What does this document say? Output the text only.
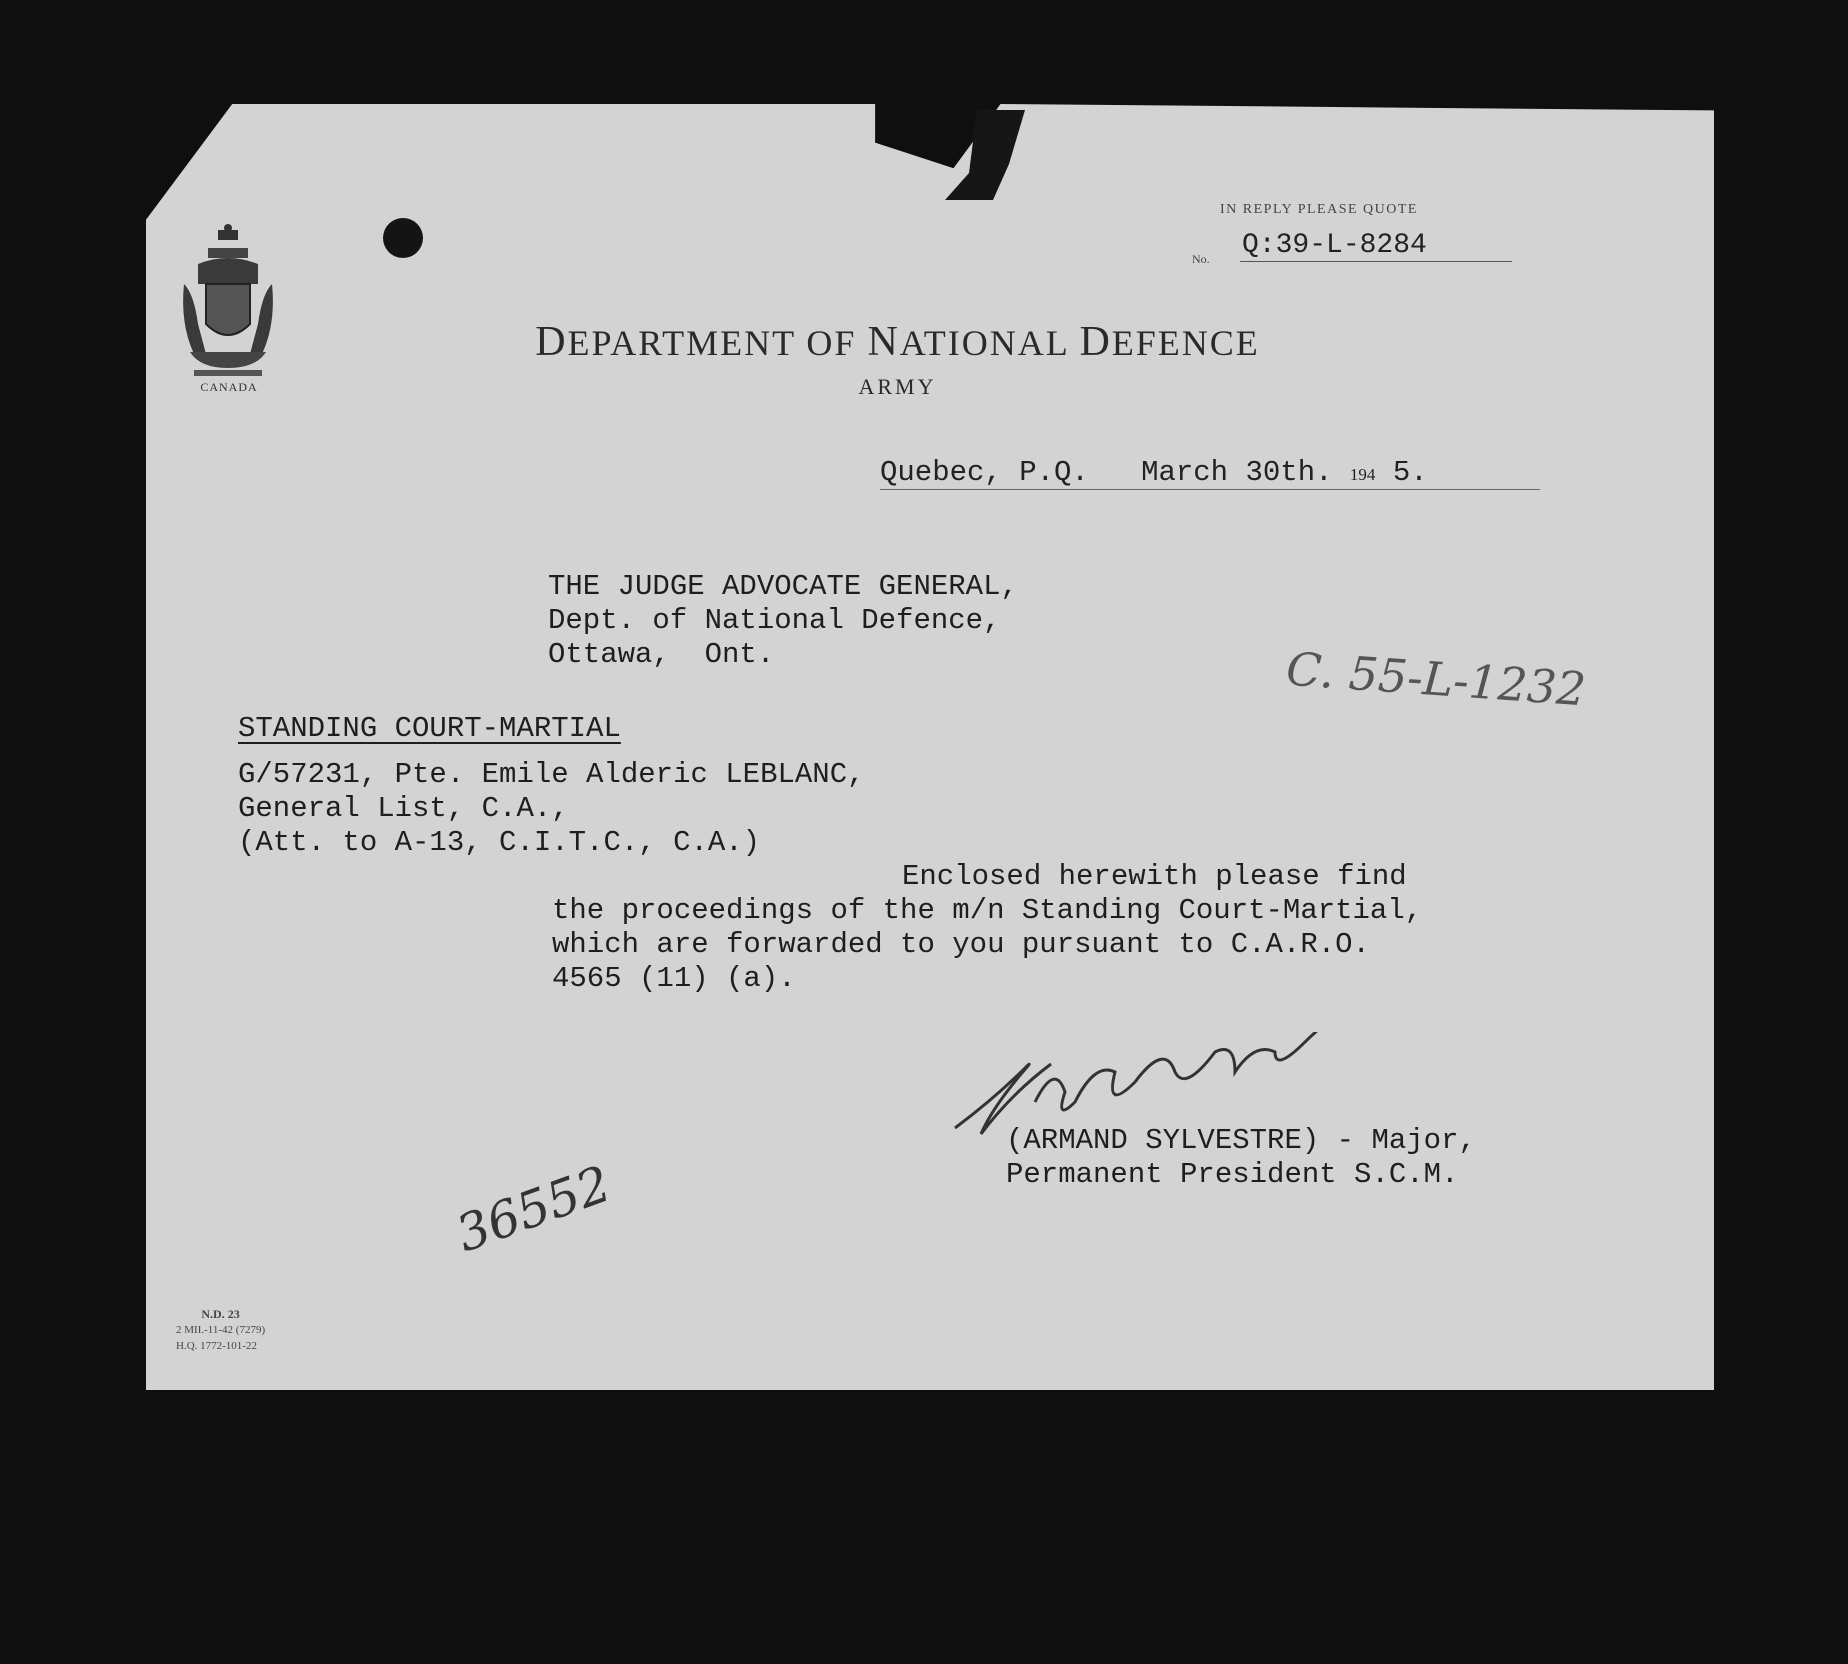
CANADA
IN REPLY PLEASE QUOTE
No. Q:39-L-8284
DEPARTMENT OF NATIONAL DEFENCE
ARMY
Quebec, P.Q. March 30th. 194 5.
THE JUDGE ADVOCATE GENERAL,
Dept. of National Defence,
Ottawa,  Ont.
STANDING COURT-MARTIAL
G/57231, Pte. Emile Alderic LEBLANC,
General List, C.A.,
(Att. to A-13, C.I.T.C., C.A.)
Enclosed herewith please find
the proceedings of the m/n Standing Court-Martial,
which are forwarded to you pursuant to C.A.R.O.
4565 (11) (a).
(ARMAND SYLVESTRE) - Major,
Permanent President S.C.M.
C. 55-L-1232
36552
N.D. 23
2 MII.-11-42 (7279)
H.Q. 1772-101-22
